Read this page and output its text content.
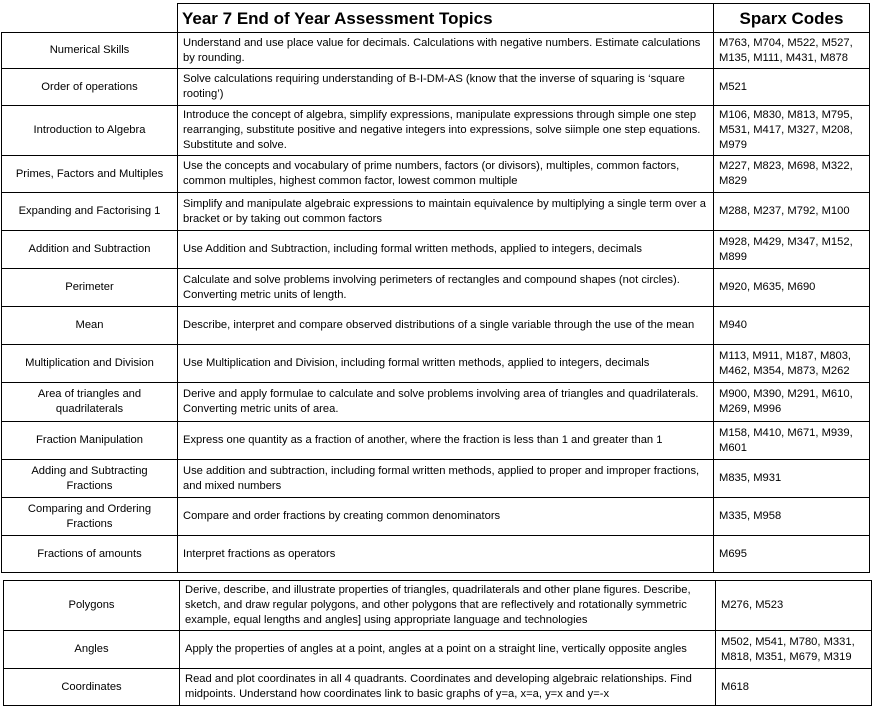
	Year 7 End of Year Assessment Topics	Sparx Codes
Numerical Skills	Understand and use place value for decimals. Calculations with negative numbers. Estimate calculations by rounding.	M763, M704, M522, M527, M135, M111, M431, M878
Order of operations	Solve calculations requiring understanding of B-I-DM-AS (know that the inverse of squaring is ‘square rooting’)	M521
Introduction to Algebra	Introduce the concept of algebra, simplify expressions, manipulate expressions through simple one step rearranging, substitute positive and negative integers into expressions, solve siimple one step equations. Substitute and solve.	M106, M830, M813, M795, M531, M417, M327, M208, M979
Primes, Factors and Multiples	Use the concepts and vocabulary of prime numbers, factors (or divisors), multiples, common factors, common multiples, highest common factor, lowest common multiple	M227, M823, M698, M322, M829
Expanding and Factorising 1	Simplify and manipulate algebraic expressions to maintain equivalence by multiplying a single term over a bracket or by taking out common factors	M288, M237, M792, M100
Addition and Subtraction	Use Addition and Subtraction, including formal written methods, applied to integers, decimals	M928, M429, M347, M152, M899
Perimeter	Calculate and solve problems involving perimeters of rectangles and compound shapes (not circles). Converting metric units of length.	M920, M635, M690
Mean	Describe, interpret and compare observed distributions of a single variable through the use of the mean	M940
Multiplication and Division	Use Multiplication and Division, including formal written methods, applied to integers, decimals	M113, M911, M187, M803, M462, M354, M873, M262
Area of triangles and quadrilaterals	Derive and apply formulae to calculate and solve problems involving area of triangles and quadrilaterals. Converting metric units of area.	M900, M390, M291, M610, M269, M996
Fraction Manipulation	Express one quantity as a fraction of another, where the fraction is less than 1 and greater than 1	M158, M410, M671, M939, M601
Adding and Subtracting Fractions	Use addition and subtraction, including formal written methods, applied to proper and improper fractions, and mixed numbers	M835, M931
Comparing and Ordering Fractions	Compare and order fractions by creating common denominators	M335, M958
Fractions of amounts	Interpret fractions as operators	M695
Polygons	Derive, describe, and illustrate properties of triangles, quadrilaterals and other plane figures. Describe, sketch, and draw regular polygons, and other polygons that are reflectively and rotationally symmetric example, equal lengths and angles] using appropriate language and technologies	M276, M523
Angles	Apply the properties of angles at a point, angles at a point on a straight line, vertically opposite angles	M502, M541, M780, M331, M818, M351, M679, M319
Coordinates	Read and plot coordinates in all 4 quadrants. Coordinates and developing algebraic relationships. Find midpoints. Understand how coordinates link to basic graphs of y=a, x=a, y=x and y=-x	M618
